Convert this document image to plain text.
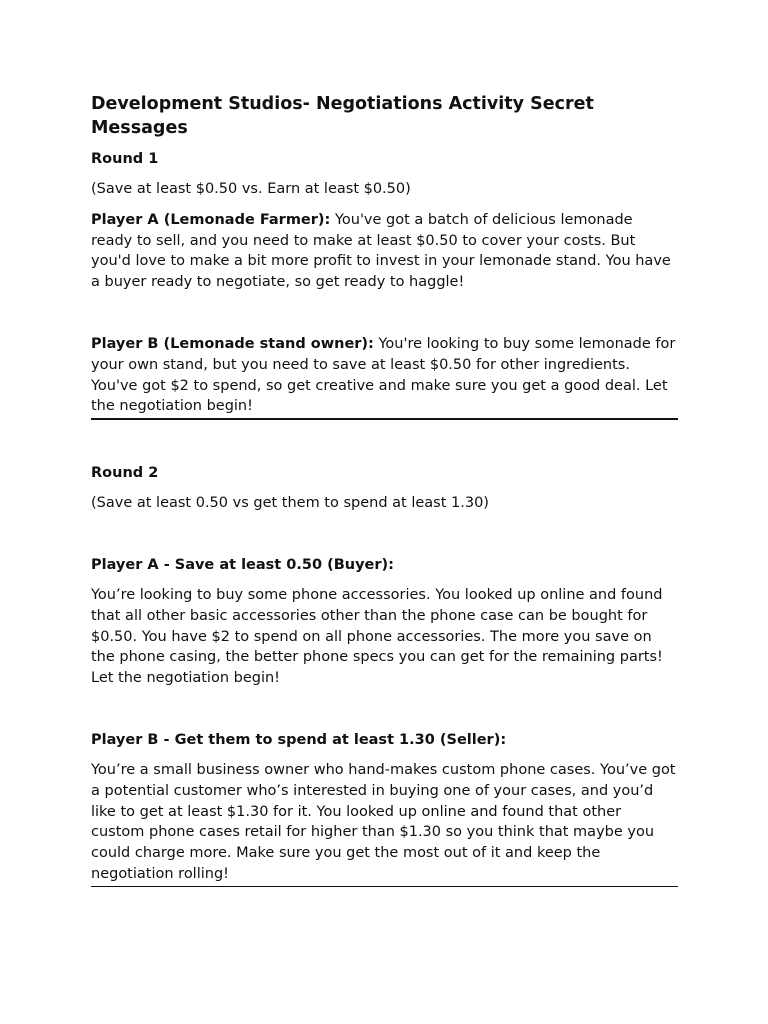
Development Studios- Negotiations Activity Secret Messages
Round 1
(Save at least $0.50 vs. Earn at least $0.50)
Player A (Lemonade Farmer): You've got a batch of delicious lemonade ready to sell, and you need to make at least $0.50 to cover your costs. But you'd love to make a bit more profit to invest in your lemonade stand. You have a buyer ready to negotiate, so get ready to haggle!
Player B (Lemonade stand owner): You're looking to buy some lemonade for your own stand, but you need to save at least $0.50 for other ingredients. You've got $2 to spend, so get creative and make sure you get a good deal. Let the negotiation begin!
Round 2
(Save at least 0.50 vs get them to spend at least 1.30)
Player A - Save at least 0.50 (Buyer):
You’re looking to buy some phone accessories. You looked up online and found that all other basic accessories other than the phone case can be bought for $0.50. You have $2 to spend on all phone accessories. The more you save on the phone casing, the better phone specs you can get for the remaining parts! Let the negotiation begin!
Player B - Get them to spend at least 1.30 (Seller):
You’re a small business owner who hand-makes custom phone cases. You’ve got a potential customer who’s interested in buying one of your cases, and you’d like to get at least $1.30 for it. You looked up online and found that other custom phone cases retail for higher than $1.30 so you think that maybe you could charge more. Make sure you get the most out of it and keep the negotiation rolling!
